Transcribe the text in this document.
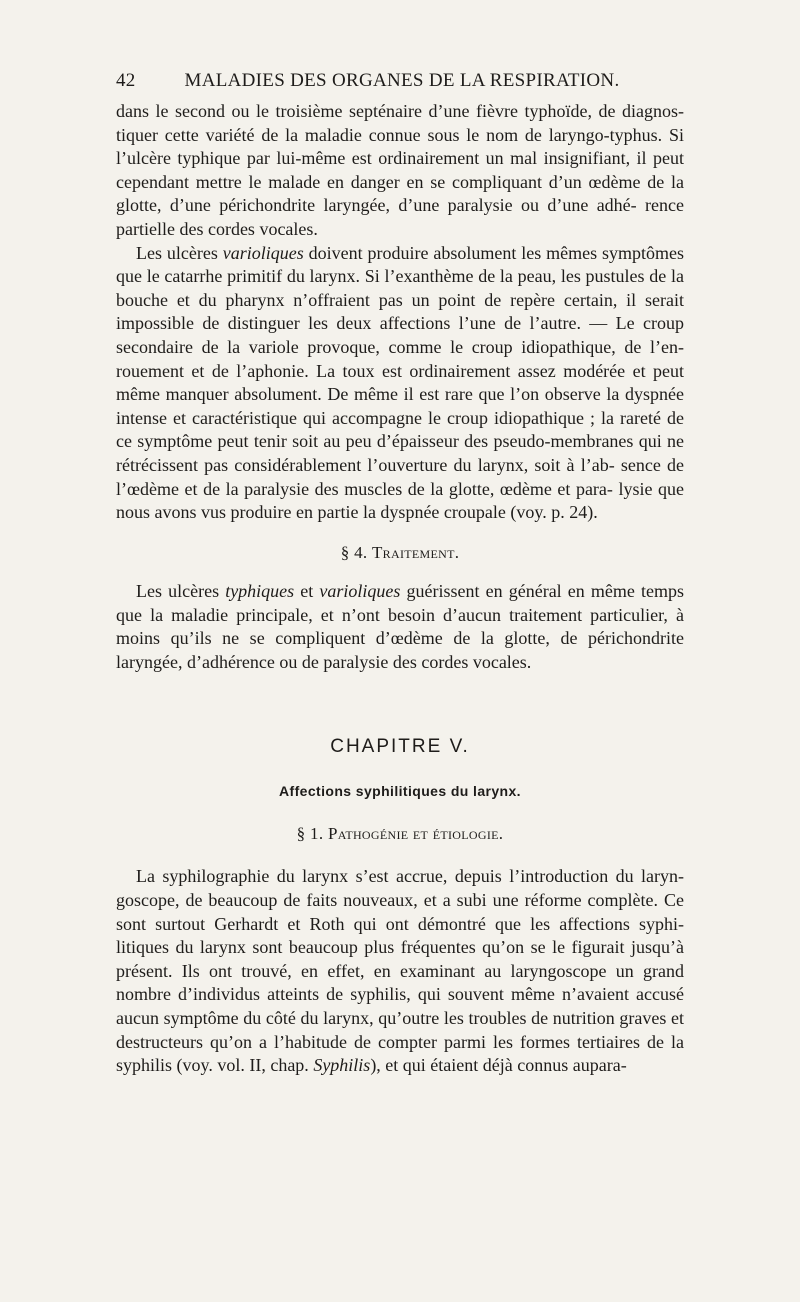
42	MALADIES DES ORGANES DE LA RESPIRATION.

dans le second ou le troisième septénaire d’une fièvre typhoïde, de diagnos- tiquer cette variété de la maladie connue sous le nom de laryngo-typhus. Si l’ulcère typhique par lui-même est ordinairement un mal insignifiant, il peut cependant mettre le malade en danger en se compliquant d’un œdème de la glotte, d’une périchondrite laryngée, d’une paralysie ou d’une adhé- rence partielle des cordes vocales.

Les ulcères varioliques doivent produire absolument les mêmes symptômes que le catarrhe primitif du larynx. Si l’exanthème de la peau, les pustules de la bouche et du pharynx n’offraient pas un point de repère certain, il serait impossible de distinguer les deux affections l’une de l’autre. — Le croup secondaire de la variole provoque, comme le croup idiopathique, de l’en- rouement et de l’aphonie. La toux est ordinairement assez modérée et peut même manquer absolument. De même il est rare que l’on observe la dyspnée intense et caractéristique qui accompagne le croup idiopathique ; la rareté de ce symptôme peut tenir soit au peu d’épaisseur des pseudo-membranes qui ne rétrécissent pas considérablement l’ouverture du larynx, soit à l’ab- sence de l’œdème et de la paralysie des muscles de la glotte, œdème et para- lysie que nous avons vus produire en partie la dyspnée croupale (voy. p. 24).

§ 4. Traitement.

Les ulcères typhiques et varioliques guérissent en général en même temps que la maladie principale, et n’ont besoin d’aucun traitement particulier, à moins qu’ils ne se compliquent d’œdème de la glotte, de périchondrite laryngée, d’adhérence ou de paralysie des cordes vocales.

CHAPITRE V.
Affections syphilitiques du larynx.
§ 1. Pathogénie et étiologie.

La syphilographie du larynx s’est accrue, depuis l’introduction du laryn- goscope, de beaucoup de faits nouveaux, et a subi une réforme complète. Ce sont surtout Gerhardt et Roth qui ont démontré que les affections syphi- litiques du larynx sont beaucoup plus fréquentes qu’on se le figurait jusqu’à présent. Ils ont trouvé, en effet, en examinant au laryngoscope un grand nombre d’individus atteints de syphilis, qui souvent même n’avaient accusé aucun symptôme du côté du larynx, qu’outre les troubles de nutrition graves et destructeurs qu’on a l’habitude de compter parmi les formes tertiaires de la syphilis (voy. vol. II, chap. Syphilis), et qui étaient déjà connus aupara-
